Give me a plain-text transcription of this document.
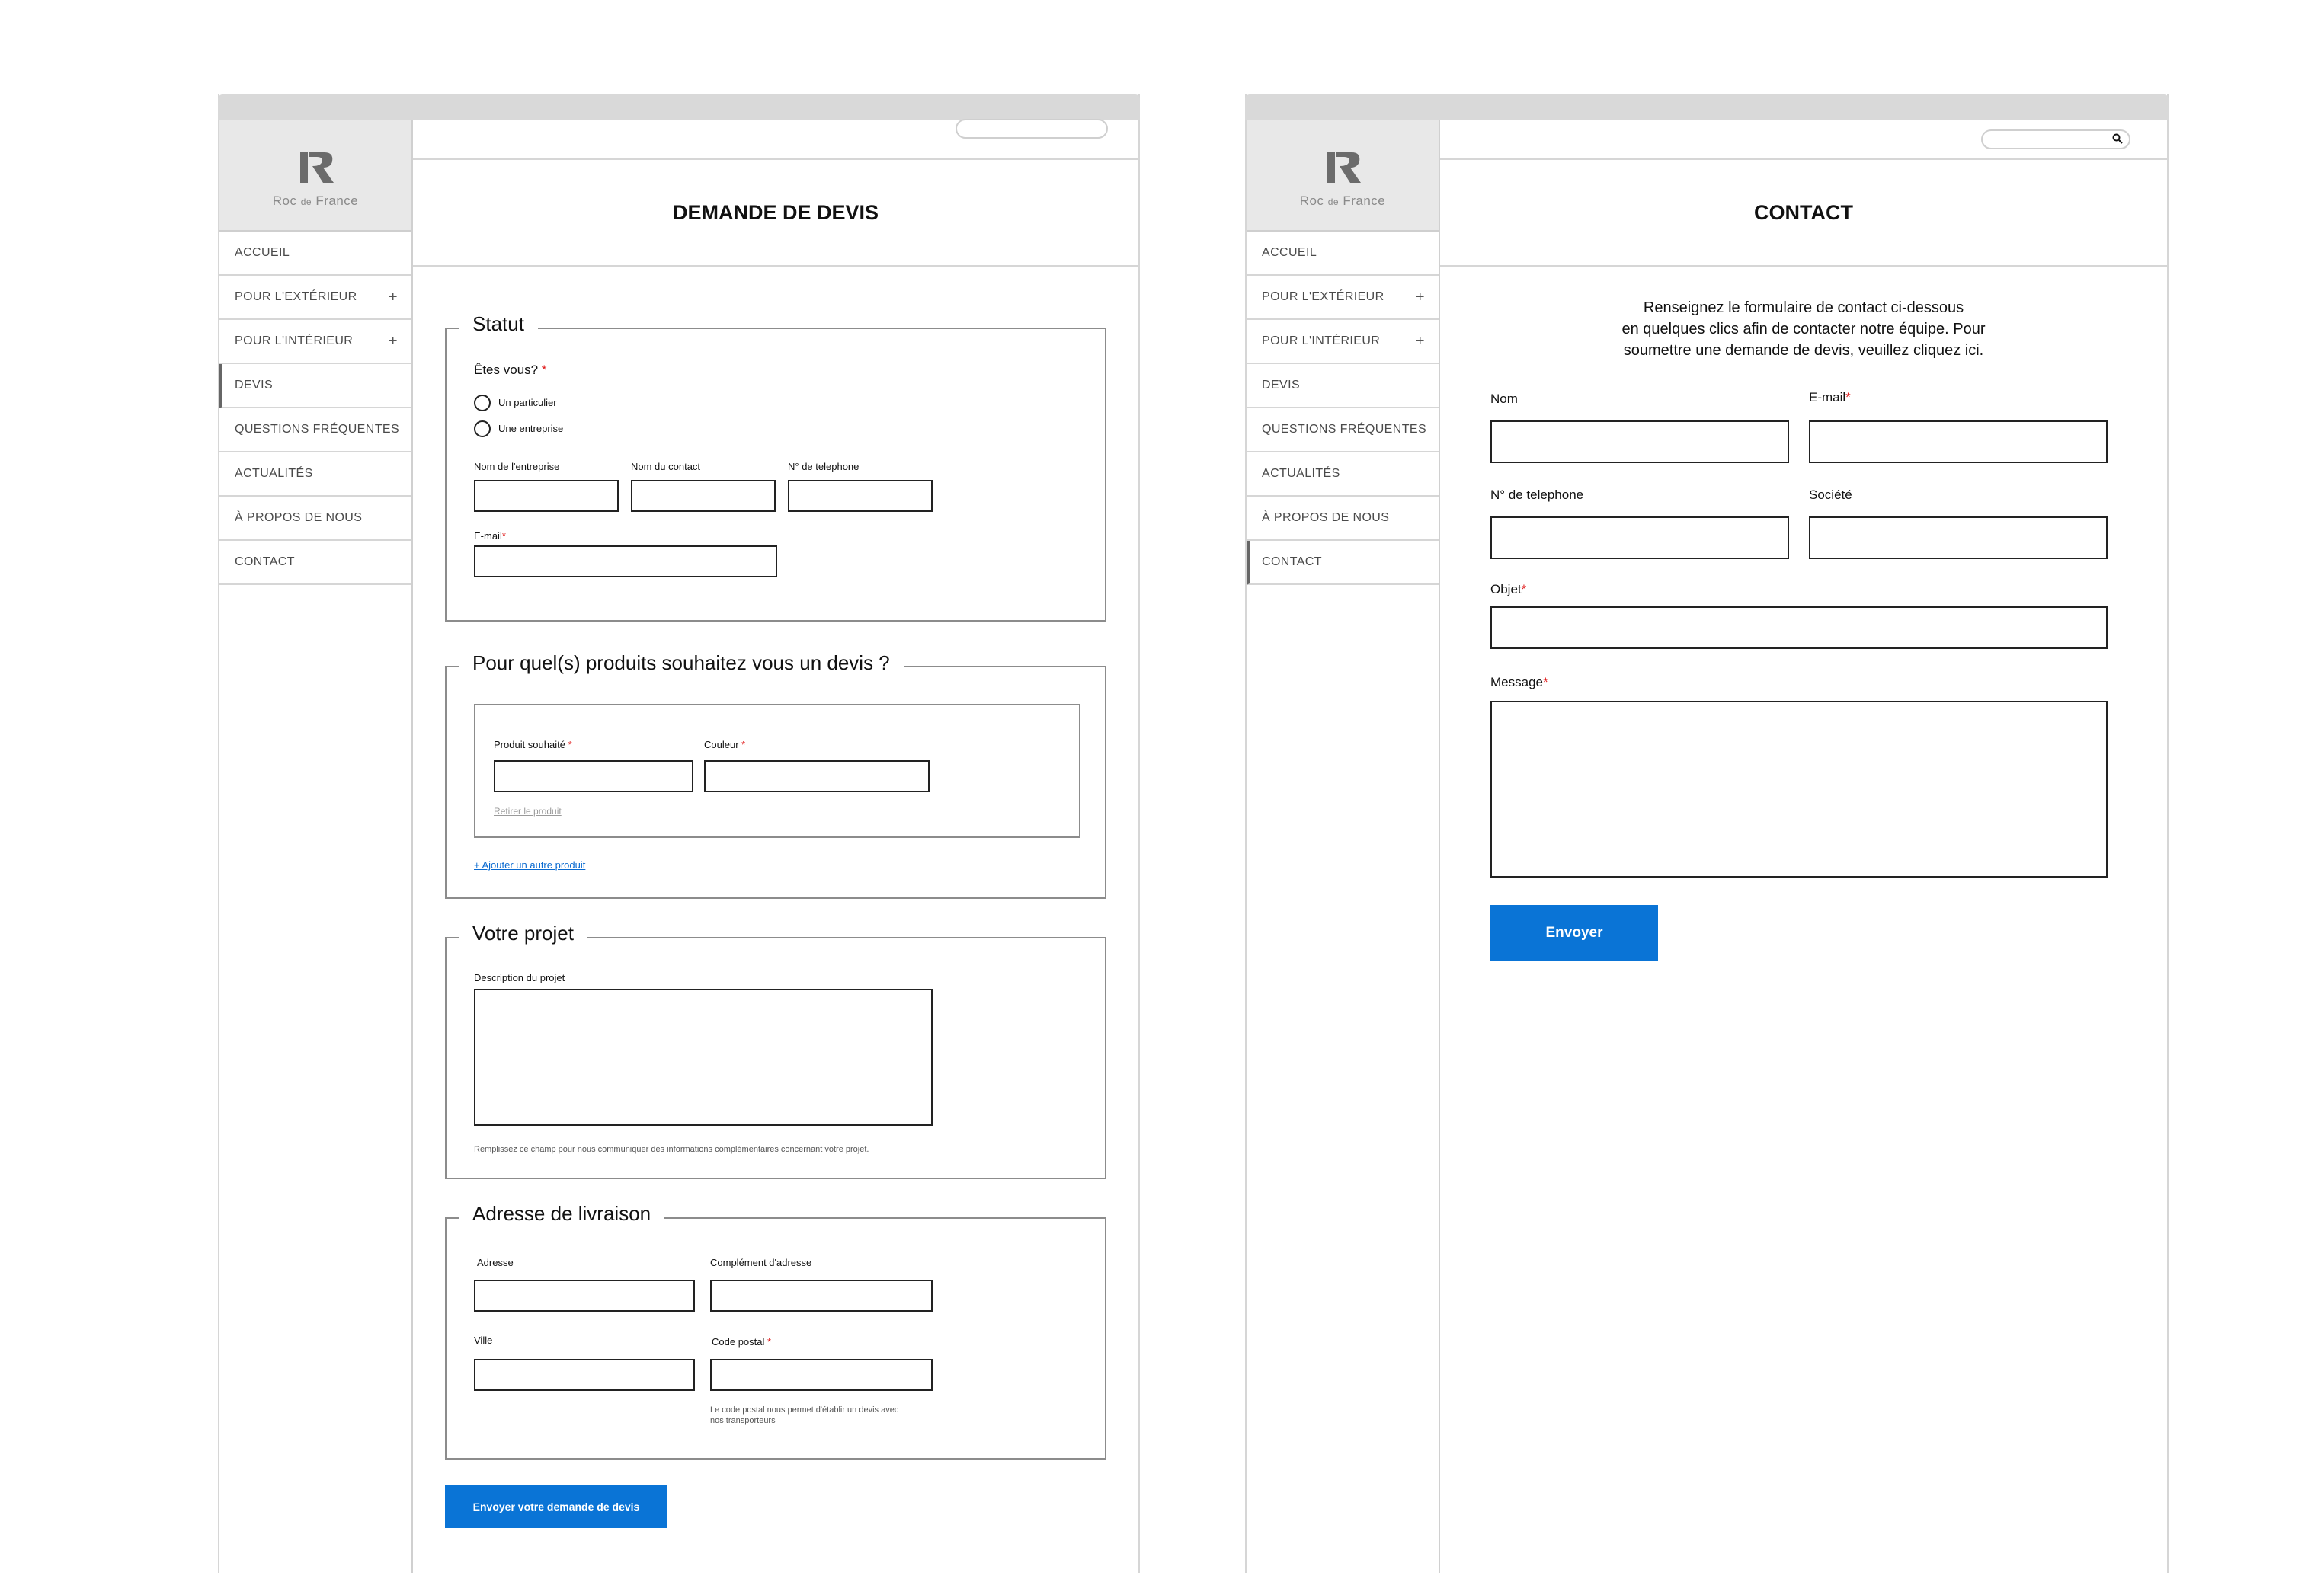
Roc de France
ACCUEIL
POUR L'EXTÉRIEUR +
POUR L'INTÉRIEUR +
DEVIS
QUESTIONS FRÉQUENTES
ACTUALITÉS
À PROPOS DE NOUS
CONTACT
DEMANDE DE DEVIS
Statut
Êtes vous? *
Un particulier
Une entreprise
Nom de l'entreprise	Nom du contact	N° de telephone
E-mail*
Pour quel(s) produits souhaitez vous un devis ?
Produit souhaité *	Couleur *
Retirer le produit
+ Ajouter un autre produit
Votre projet
Description du projet
Remplissez ce champ pour nous communiquer des informations complémentaires concernant votre projet.
Adresse de livraison
Adresse	Complément d'adresse
Ville	Code postal *
Le code postal nous permet d'établir un devis avec
nos transporteurs
Envoyer votre demande de devis
Roc de France
ACCUEIL
POUR L'EXTÉRIEUR +
POUR L'INTÉRIEUR +
DEVIS
QUESTIONS FRÉQUENTES
ACTUALITÉS
À PROPOS DE NOUS
CONTACT
CONTACT
Renseignez le formulaire de contact ci-dessous
en quelques clics afin de contacter notre équipe. Pour
soumettre une demande de devis, veuillez cliquez ici.
Nom	E-mail*
N° de telephone	Société
Objet*
Message*
Envoyer
